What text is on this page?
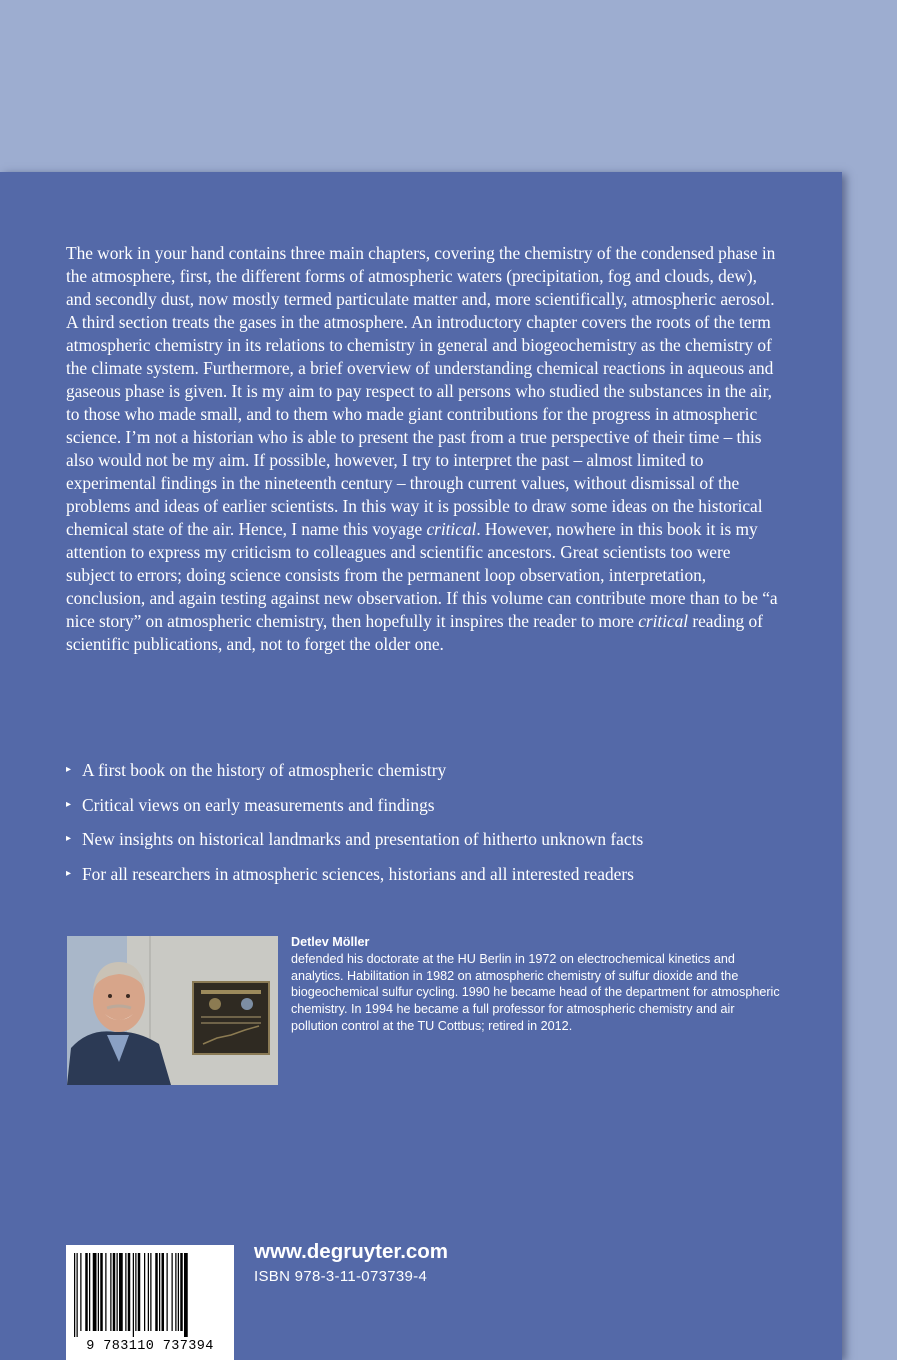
The work in your hand contains three main chapters, covering the chemistry of the condensed phase in the atmosphere, first, the different forms of atmospheric waters (precipitation, fog and clouds, dew), and secondly dust, now mostly termed particulate matter and, more scientifically, atmospheric aerosol. A third section treats the gases in the atmosphere. An introductory chapter covers the roots of the term atmospheric chemistry in its relations to chemistry in general and biogeochemistry as the chemistry of the climate system. Furthermore, a brief overview of understanding chemical reactions in aqueous and gaseous phase is given. It is my aim to pay respect to all persons who studied the substances in the air, to those who made small, and to them who made giant contributions for the progress in atmospheric science. I’m not a historian who is able to present the past from a true perspective of their time – this also would not be my aim. If possible, however, I try to interpret the past – almost limited to experimental findings in the nineteenth century – through current values, without dismissal of the problems and ideas of earlier scientists. In this way it is possible to draw some ideas on the historical chemical state of the air. Hence, I name this voyage critical. However, nowhere in this book it is my attention to express my criticism to colleagues and scientific ancestors. Great scientists too were subject to errors; doing science consists from the permanent loop observation, interpretation, conclusion, and again testing against new observation. If this volume can contribute more than to be “a nice story” on atmospheric chemistry, then hopefully it inspires the reader to more critical reading of scientific publications, and, not to forget the older one.

▸ A first book on the history of atmospheric chemistry
▸ Critical views on early measurements and findings
▸ New insights on historical landmarks and presentation of hitherto unknown facts
▸ For all researchers in atmospheric sciences, historians and all interested readers
Detlev Möller
defended his doctorate at the HU Berlin in 1972 on electrochemical kinetics and analytics. Habilitation in 1982 on atmospheric chemistry of sulfur dioxide and the biogeochemical sulfur cycling. 1990 he became head of the department for atmospheric chemistry. In 1994 he became a full professor for atmospheric chemistry and air pollution control at the TU Cottbus; retired in 2012.
9 783110 737394
www.degruyter.com
ISBN 978-3-11-073739-4
